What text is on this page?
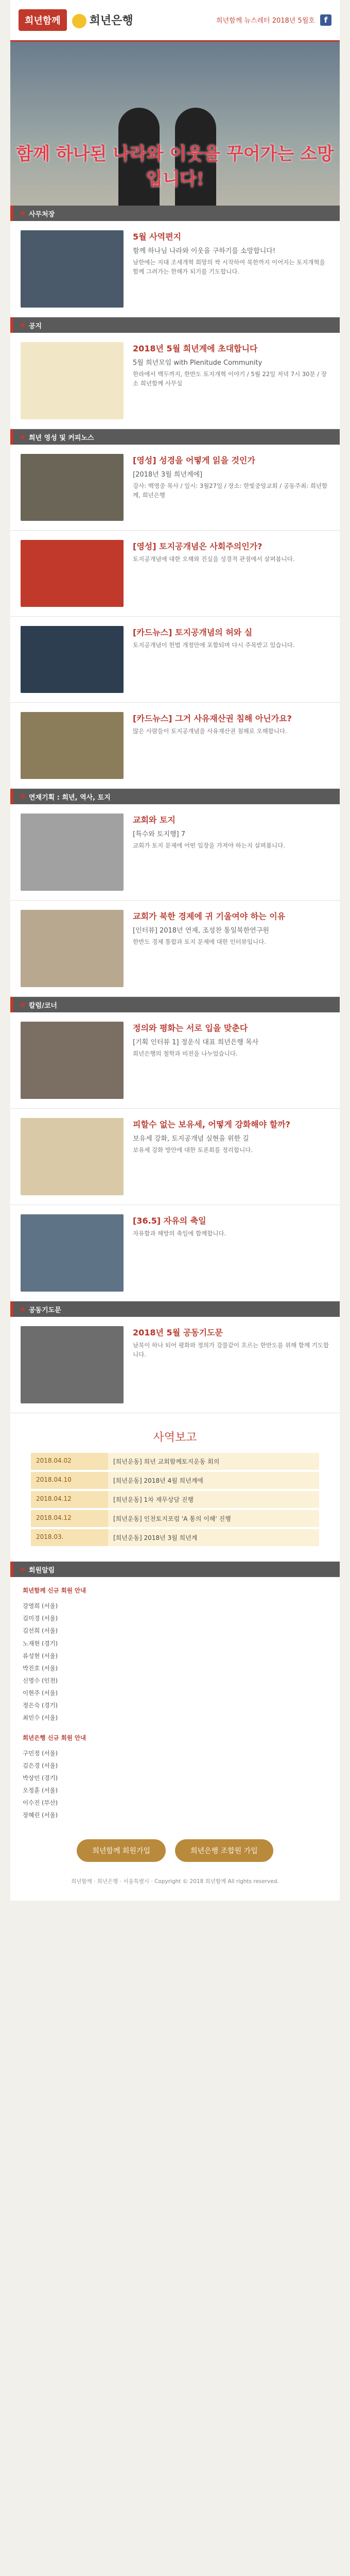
희년함께	희년은행	희년함께 뉴스레터 2018년 5월호 f
함께 하나된 나라와 이웃을 꾸어가는 소망입니다!
사무처장
5월 사역편지
함께 하나님 나라와 이웃을 구하기를 소망합니다!
남한에는 지대 조세개혁 희망의 싹 시작하여 북한까지 이어지는 토지개혁을 함께 그려가는 한해가 되기를 기도합니다.
공지
2018년 5월 희년계에 초대합니다
5월 희년모임 with Plenitude Community
한라에서 백두까지, 한반도 토지개혁 이야기 / 5월 22일 저녁 7시 30분 / 장소 희년함께 사무실
희년 영성 및 커피노스
[영성] 성경을 어떻게 읽을 것인가
[2018년 3월 희년계에]
강사: 백영중 목사 / 일시: 3월27일 / 장소: 한빛중앙교회 / 공동주최: 희년함께, 희년은행
[영성] 토지공개념은 사회주의인가?
토지공개념에 대한 오해와 진실을 성경적 관점에서 살펴봅니다.
[카드뉴스] 토지공개념의 허와 실
토지공개념이 헌법 개정안에 포함되며 다시 주목받고 있습니다.
[카드뉴스] 그거 사유재산권 침해 아닌가요?
많은 사람들이 토지공개념을 사유재산권 침해로 오해합니다.
연재기획 : 희년, 역사, 토지
교회와 토지
[특수와 토지행] 7
교회가 토지 문제에 어떤 입장을 가져야 하는지 살펴봅니다.
교회가 북한 경제에 귀 기울여야 하는 이유
[인터뷰] 2018년 연재, 조성찬 통일북한연구원
한반도 경제 통합과 토지 문제에 대한 인터뷰입니다.
칼럼/코너
정의와 평화는 서로 입을 맞춘다
[기획 인터뷰 1] 정운식 대표 희년은행 목사
희년은행의 철학과 비전을 나누었습니다.
피할수 없는 보유세, 어떻게 강화해야 할까?
보유세 강화, 토지공개념 실현을 위한 길
보유세 강화 방안에 대한 토론회를 정리합니다.
[36.5] 자유의 축일
자유함과 해방의 축일에 함께합니다.
공동기도문
2018년 5월 공동기도문
남북이 하나 되어 평화와 정의가 강물같이 흐르는 한반도를 위해 함께 기도합니다.
사역보고
2018.04.02	[희년운동] 희년 교회함께토지운동 회의
2018.04.10	[희년운동] 2018년 4월 희년계에
2018.04.12	[희년운동] 1차 재무상담 진행
2018.04.12	[희년운동] 인천토지포럼 'A 통의 이해' 진행
2018.03.	[희년운동] 2018년 3월 희년계
회원알림
희년함께 신규 회원 안내
강영희 (서울)
김미경 (서울)
김선희 (서울)
노재현 (경기)
류성현 (서울)
박진호 (서울)
신명수 (인천)
이현주 (서울)
정은숙 (경기)
최민수 (서울)
희년은행 신규 회원 안내
구민정 (서울)
김은경 (서울)
박상민 (경기)
오정훈 (서울)
이수진 (부산)
장혜린 (서울)
희년함께 회원가입	희년은행 조합원 가입
희년함께 · 희년은행 · 서울특별시 · Copyright © 2018 희년함께 All rights reserved.
